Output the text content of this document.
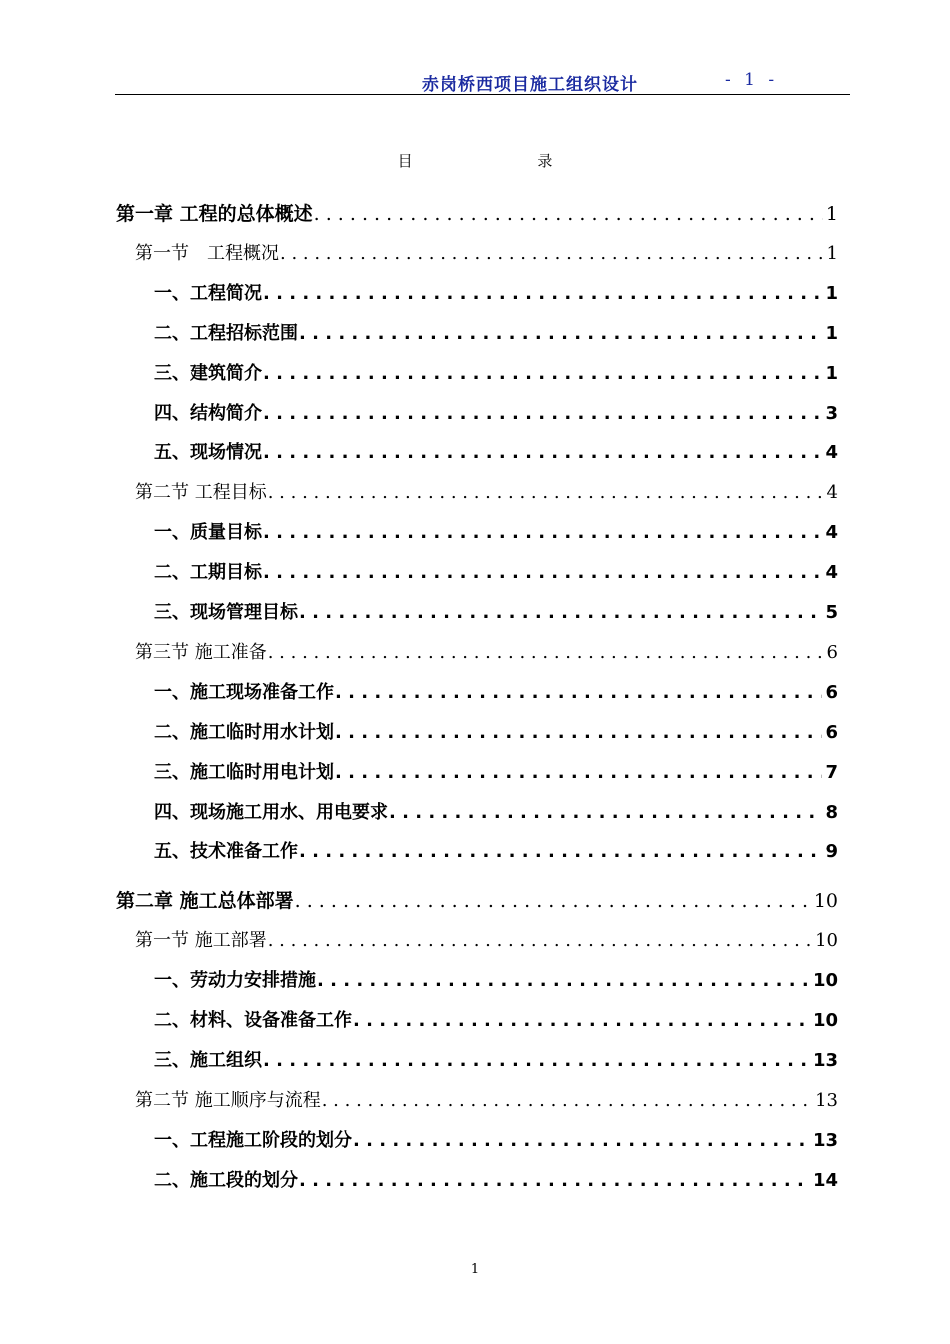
赤岗桥西项目施工组织设计	- 1 -
目 录
第一章 工程的总体概述 . . .	1
第一节　工程概况 . . .	1
一、工程简况 . . .	1
二、工程招标范围 . . .	1
三、建筑简介 . . .	1
四、结构简介 . . .	3
五、现场情况 . . .	4
第二节 工程目标 . . .	4
一、质量目标 . . .	4
二、工期目标 . . .	4
三、现场管理目标 . . .	5
第三节 施工准备 . . .	6
一、施工现场准备工作 . . .	6
二、施工临时用水计划 . . .	6
三、施工临时用电计划 . . .	7
四、现场施工用水、用电要求 . . .	8
五、技术准备工作 . . .	9
第二章 施工总体部署 . . .	10
第一节 施工部署 . . .	10
一、劳动力安排措施 . . .	10
二、材料、设备准备工作 . . .	10
三、施工组织 . . .	13
第二节 施工顺序与流程 . . .	13
一、工程施工阶段的划分 . . .	13
二、施工段的划分 . . .	14
1
